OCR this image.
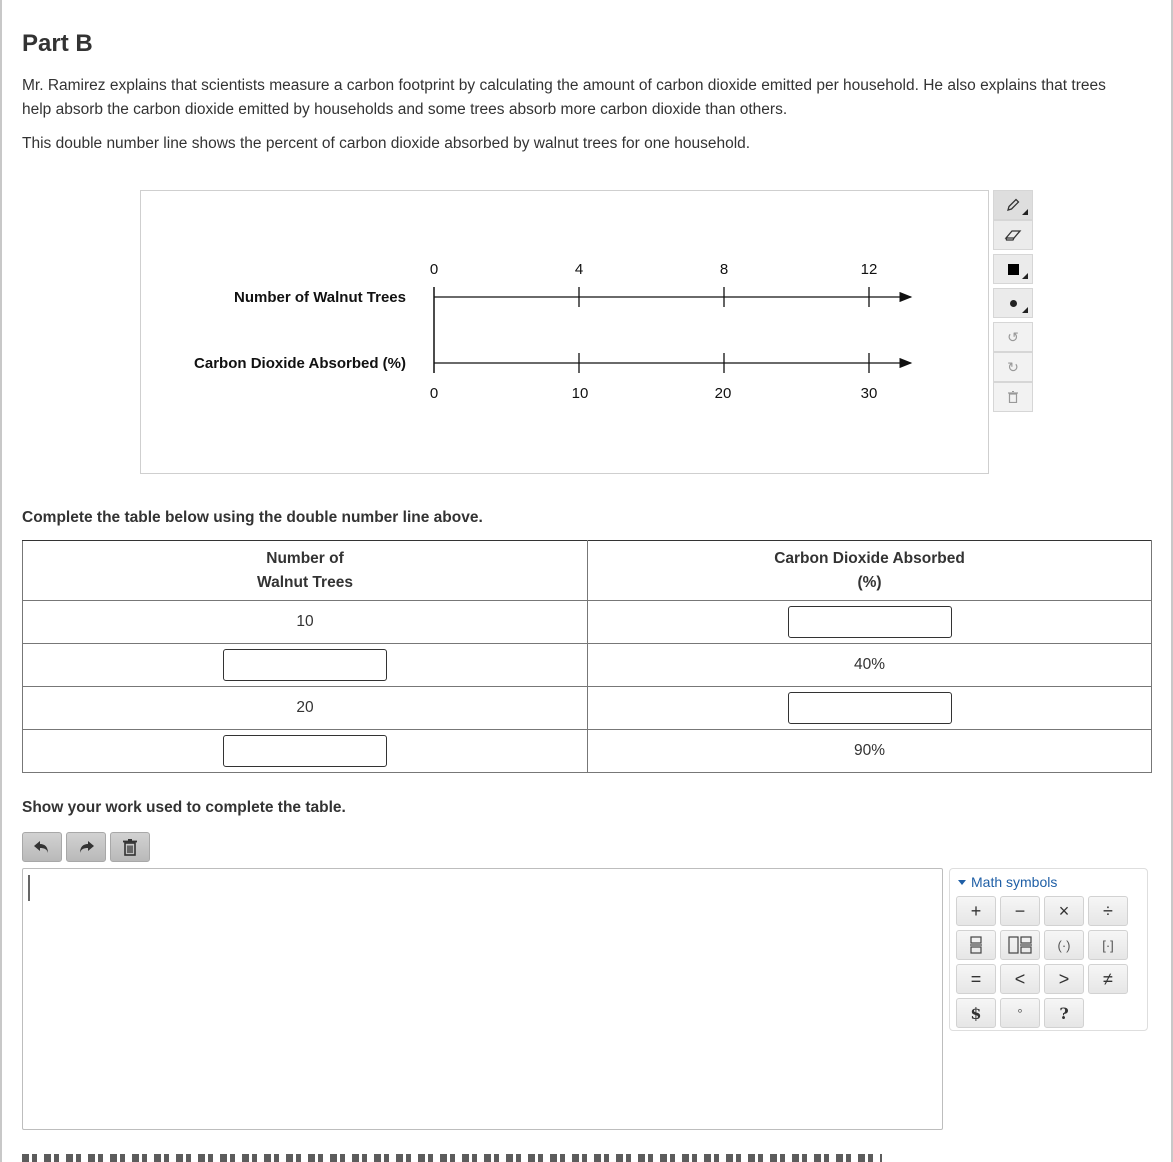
Part B

Mr. Ramirez explains that scientists measure a carbon footprint by calculating the amount of carbon dioxide emitted per household. He also explains that trees help absorb the carbon dioxide emitted by households and some trees absorb more carbon dioxide than others.

This double number line shows the percent of carbon dioxide absorbed by walnut trees for one household.

Number of Walnut Trees
Carbon Dioxide Absorbed (%)
0	4	8	12
0	10	20	30
↺
↻

Complete the table below using the double number line above.

Number of
Walnut Trees

Carbon Dioxide Absorbed
(%)

10	
	40%
20	
	90%

Show your work used to complete the table.

Math symbols
+	−	×	÷
(·)	[·]
=	<	>	≠
$	°	?
